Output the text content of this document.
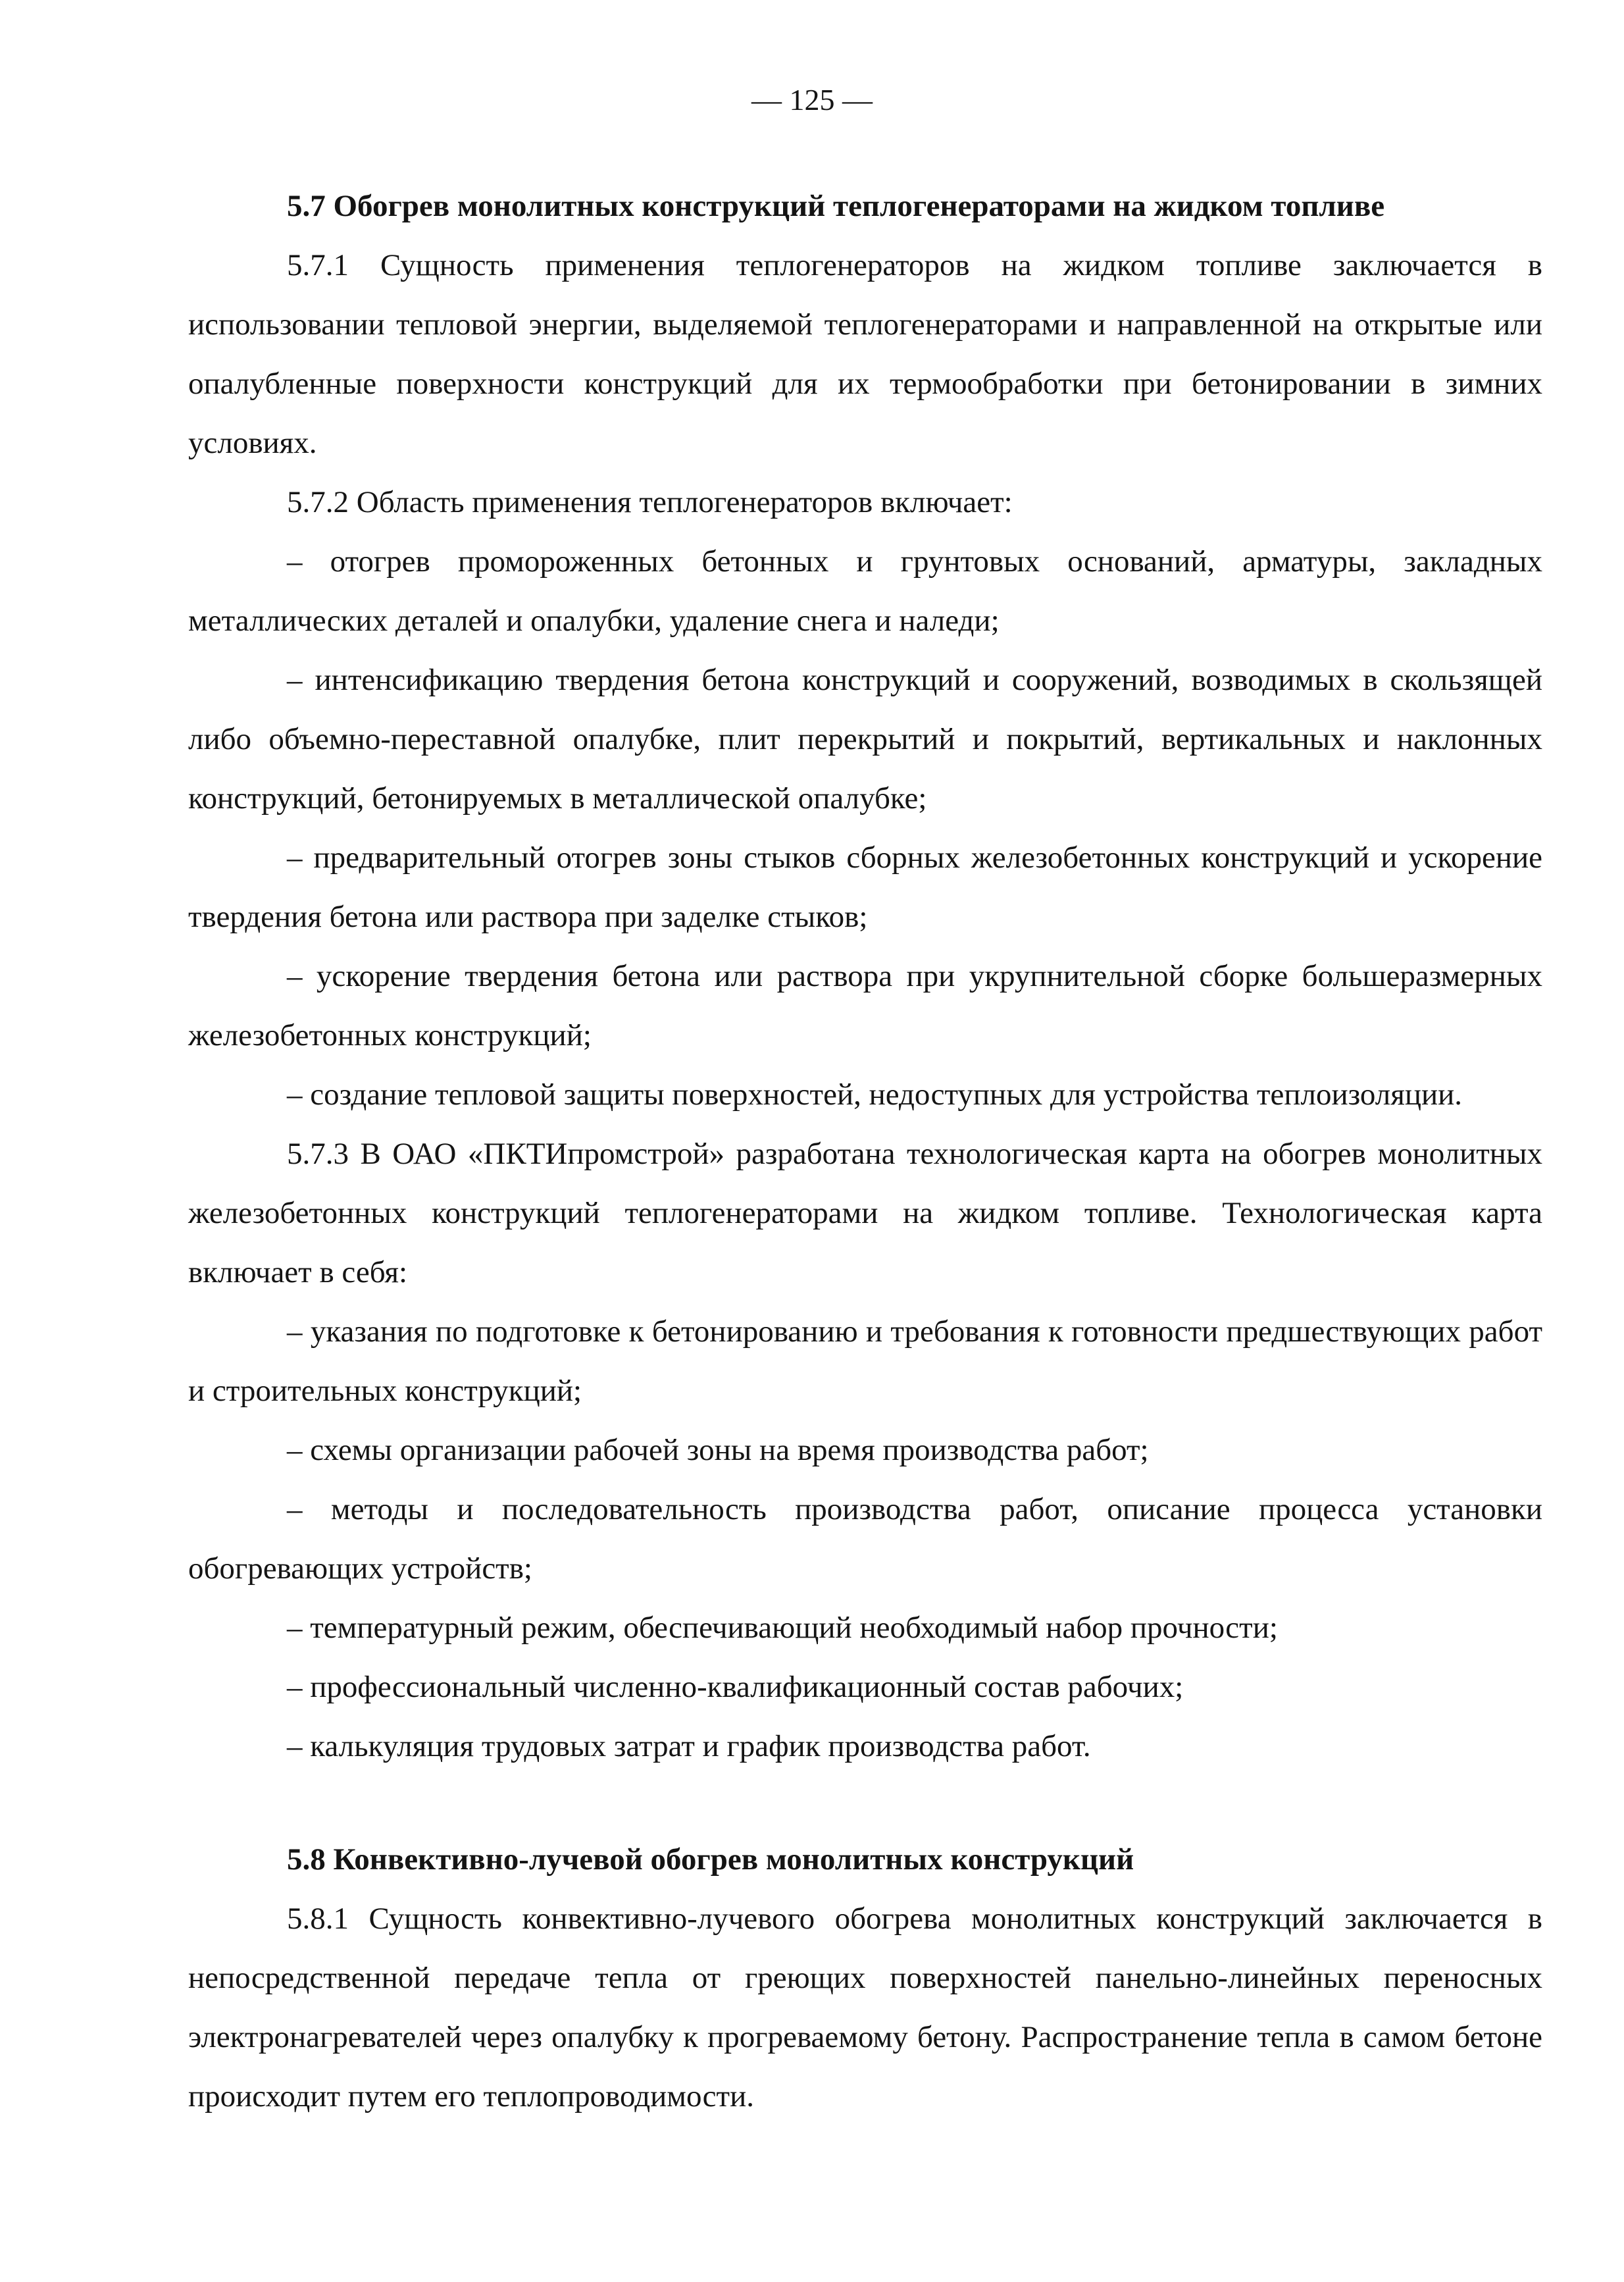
— 125 —

5.7 Обогрев монолитных конструкций теплогенераторами на жидком топливе

5.7.1 Сущность применения теплогенераторов на жидком топливе заключается в использовании тепловой энергии, выделяемой теплогенераторами и направленной на открытые или опалубленные поверхности конструкций для их термообработки при бетонировании в зимних условиях.

5.7.2 Область применения теплогенераторов включает:

– отогрев промороженных бетонных и грунтовых оснований, арматуры, закладных металлических деталей и опалубки, удаление снега и наледи;

– интенсификацию твердения бетона конструкций и сооружений, возводимых в скользящей либо объемно-переставной опалубке, плит перекрытий и покрытий, вертикальных и наклонных конструкций, бетонируемых в металлической опалубке;

– предварительный отогрев зоны стыков сборных железобетонных конструкций и ускорение твердения бетона или раствора при заделке стыков;

– ускорение твердения бетона или раствора при укрупнительной сборке большеразмерных железобетонных конструкций;

– создание тепловой защиты поверхностей, недоступных для устройства теплоизоляции.

5.7.3 В ОАО «ПКТИпромстрой» разработана технологическая карта на обогрев монолитных железобетонных конструкций теплогенераторами на жидком топливе. Технологическая карта включает в себя:

– указания по подготовке к бетонированию и требования к готовности предшествующих работ и строительных конструкций;

– схемы организации рабочей зоны на время производства работ;

– методы и последовательность производства работ, описание процесса установки обогревающих устройств;

– температурный режим, обеспечивающий необходимый набор прочности;

– профессиональный численно-квалификационный состав рабочих;

– калькуляция трудовых затрат и график производства работ.

5.8 Конвективно-лучевой обогрев монолитных конструкций

5.8.1 Сущность конвективно-лучевого обогрева монолитных конструкций заключается в непосредственной передаче тепла от греющих поверхностей панельно-линейных переносных электронагревателей через опалубку к прогреваемому бетону. Распространение тепла в самом бетоне происходит путем его теплопроводимости.
